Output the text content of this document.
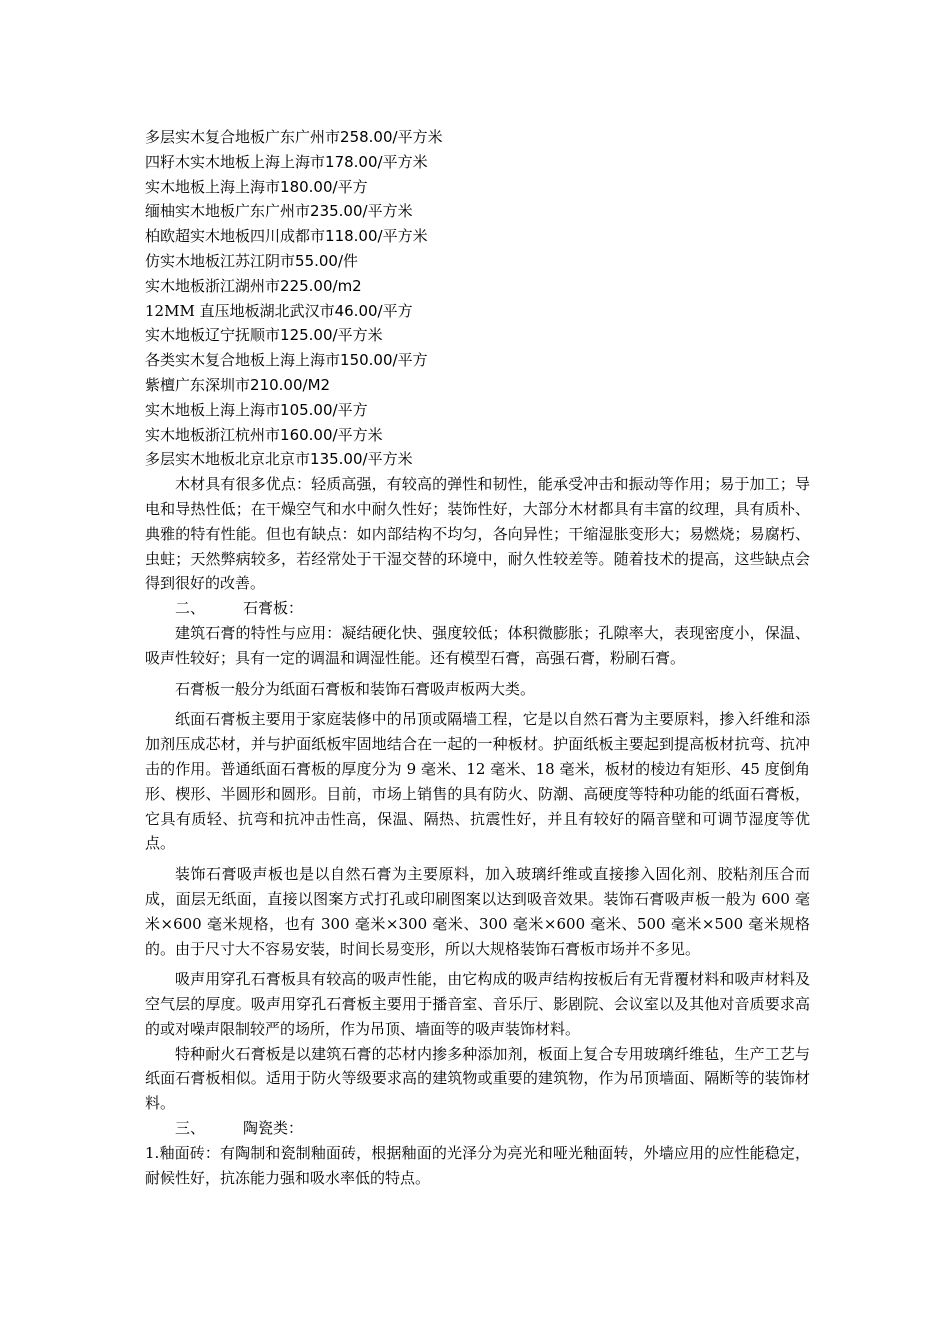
多层实木复合地板广东广州市258.00/平方米
四籽木实木地板上海上海市178.00/平方米
实木地板上海上海市180.00/平方
缅柚实木地板广东广州市235.00/平方米
柏欧超实木地板四川成都市118.00/平方米
仿实木地板江苏江阴市55.00/件
实木地板浙江湖州市225.00/m2
12MM 直压地板湖北武汉市46.00/平方
实木地板辽宁抚顺市125.00/平方米
各类实木复合地板上海上海市150.00/平方
紫檀广东深圳市210.00/M2
实木地板上海上海市105.00/平方
实木地板浙江杭州市160.00/平方米
多层实木地板北京北京市135.00/平方米

木材具有很多优点：轻质高强，有较高的弹性和韧性，能承受冲击和振动等作用；易于加工；导电和导热性低；在干燥空气和水中耐久性好；装饰性好，大部分木材都具有丰富的纹理，具有质朴、典雅的特有性能。但也有缺点：如内部结构不均匀，各向异性；干缩湿胀变形大；易燃烧；易腐朽、虫蛀；天然弊病较多，若经常处于干湿交替的环境中，耐久性较差等。随着技术的提高，这些缺点会得到很好的改善。

二、	石膏板：

建筑石膏的特性与应用：凝结硬化快、强度较低；体积微膨胀；孔隙率大，表现密度小，保温、吸声性较好；具有一定的调温和调湿性能。还有模型石膏，高强石膏，粉刷石膏。

石膏板一般分为纸面石膏板和装饰石膏吸声板两大类。

纸面石膏板主要用于家庭装修中的吊顶或隔墙工程，它是以自然石膏为主要原料，掺入纤维和添加剂压成芯材，并与护面纸板牢固地结合在一起的一种板材。护面纸板主要起到提高板材抗弯、抗冲击的作用。普通纸面石膏板的厚度分为 9 毫米、12 毫米、18 毫米，板材的棱边有矩形、45 度倒角形、楔形、半圆形和圆形。目前，市场上销售的具有防火、防潮、高硬度等特种功能的纸面石膏板，它具有质轻、抗弯和抗冲击性高，保温、隔热、抗震性好，并且有较好的隔音壁和可调节湿度等优点。

装饰石膏吸声板也是以自然石膏为主要原料，加入玻璃纤维或直接掺入固化剂、胶粘剂压合而成，面层无纸面，直接以图案方式打孔或印刷图案以达到吸音效果。装饰石膏吸声板一般为 600 毫米×600 毫米规格，也有 300 毫米×300 毫米、300 毫米×600 毫米、500 毫米×500 毫米规格的。由于尺寸大不容易安装，时间长易变形，所以大规格装饰石膏板市场并不多见。

吸声用穿孔石膏板具有较高的吸声性能，由它构成的吸声结构按板后有无背覆材料和吸声材料及空气层的厚度。吸声用穿孔石膏板主要用于播音室、音乐厅、影剧院、会议室以及其他对音质要求高的或对噪声限制较严的场所，作为吊顶、墙面等的吸声装饰材料。

特种耐火石膏板是以建筑石膏的芯材内掺多种添加剂，板面上复合专用玻璃纤维毡，生产工艺与纸面石膏板相似。适用于防火等级要求高的建筑物或重要的建筑物，作为吊顶墙面、隔断等的装饰材料。

三、	陶瓷类：

1.釉面砖：有陶制和瓷制釉面砖，根据釉面的光泽分为亮光和哑光釉面转，外墙应用的应性能稳定，耐候性好，抗冻能力强和吸水率低的特点。
